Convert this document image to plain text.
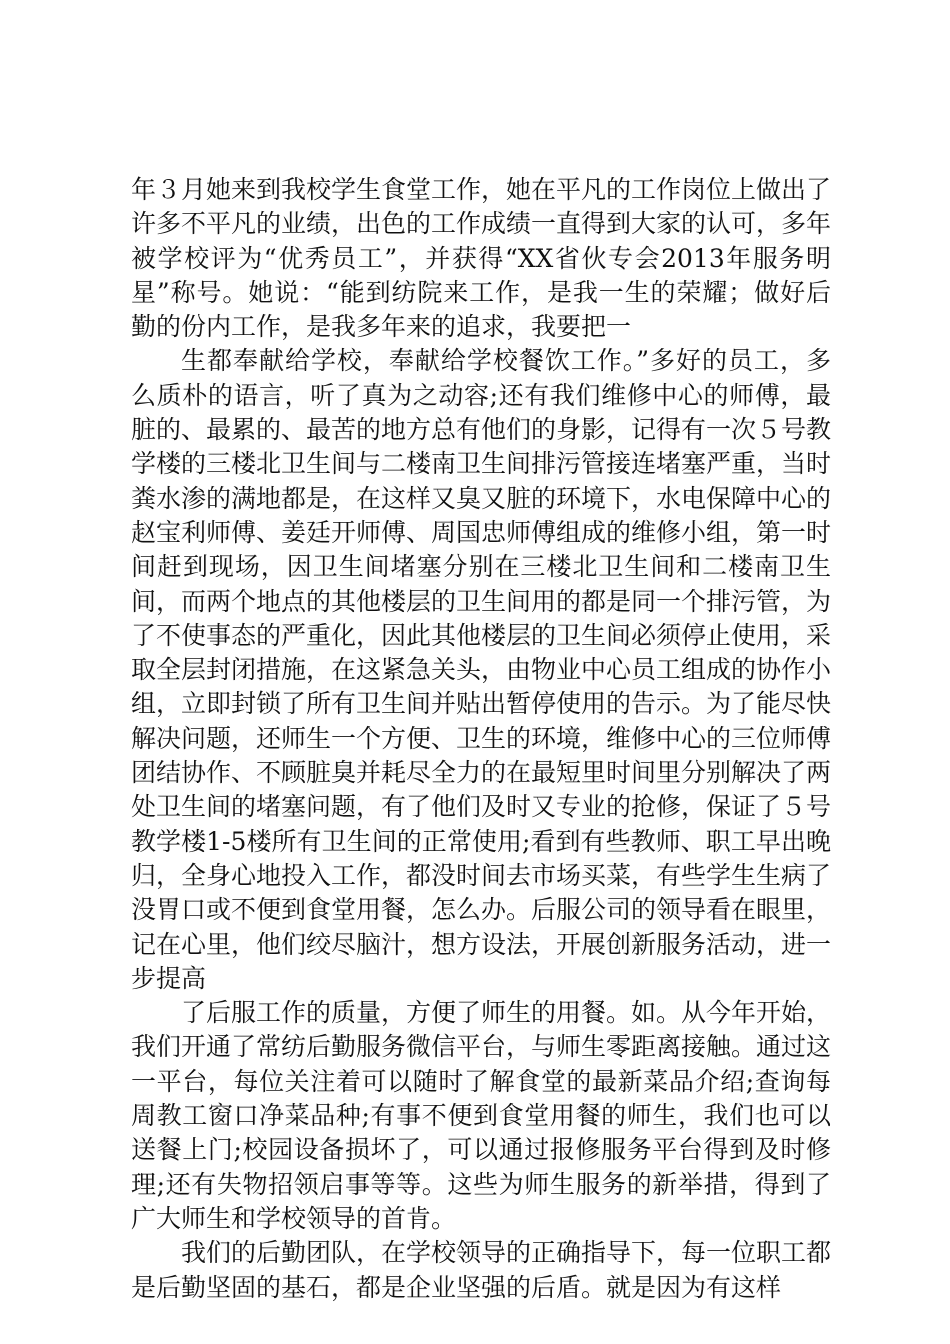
年３月她来到我校学生食堂工作，她在平凡的工作岗位上做出了许多不平凡的业绩，出色的工作成绩一直得到大家的认可，多年被学校评为“优秀员工”，并获得“XX省伙专会2013年服务明星”称号。她说：“能到纺院来工作，是我一生的荣耀；做好后勤的份内工作，是我多年来的追求，我要把一

生都奉献给学校，奉献给学校餐饮工作。”多好的员工，多么质朴的语言，听了真为之动容;还有我们维修中心的师傅，最脏的、最累的、最苦的地方总有他们的身影，记得有一次５号教学楼的三楼北卫生间与二楼南卫生间排污管接连堵塞严重，当时粪水渗的满地都是，在这样又臭又脏的环境下，水电保障中心的赵宝利师傅、姜廷开师傅、周国忠师傅组成的维修小组，第一时间赶到现场，因卫生间堵塞分别在三楼北卫生间和二楼南卫生间，而两个地点的其他楼层的卫生间用的都是同一个排污管，为了不使事态的严重化，因此其他楼层的卫生间必须停止使用，采取全层封闭措施，在这紧急关头，由物业中心员工组成的协作小组，立即封锁了所有卫生间并贴出暂停使用的告示。为了能尽快解决问题，还师生一个方便、卫生的环境，维修中心的三位师傅团结协作、不顾脏臭并耗尽全力的在最短里时间里分别解决了两处卫生间的堵塞问题，有了他们及时又专业的抢修，保证了５号教学楼1-5楼所有卫生间的正常使用;看到有些教师、职工早出晚归，全身心地投入工作，都没时间去市场买菜，有些学生生病了没胃口或不便到食堂用餐，怎么办。后服公司的领导看在眼里，记在心里，他们绞尽脑汁，想方设法，开展创新服务活动，进一步提高

了后服工作的质量，方便了师生的用餐。如。从今年开始，我们开通了常纺后勤服务微信平台，与师生零距离接触。通过这一平台，每位关注着可以随时了解食堂的最新菜品介绍;查询每周教工窗口净菜品种;有事不便到食堂用餐的师生，我们也可以送餐上门;校园设备损坏了，可以通过报修服务平台得到及时修理;还有失物招领启事等等。这些为师生服务的新举措，得到了广大师生和学校领导的首肯。

我们的后勤团队，在学校领导的正确指导下，每一位职工都是后勤坚固的基石，都是企业坚强的后盾。就是因为有这样
